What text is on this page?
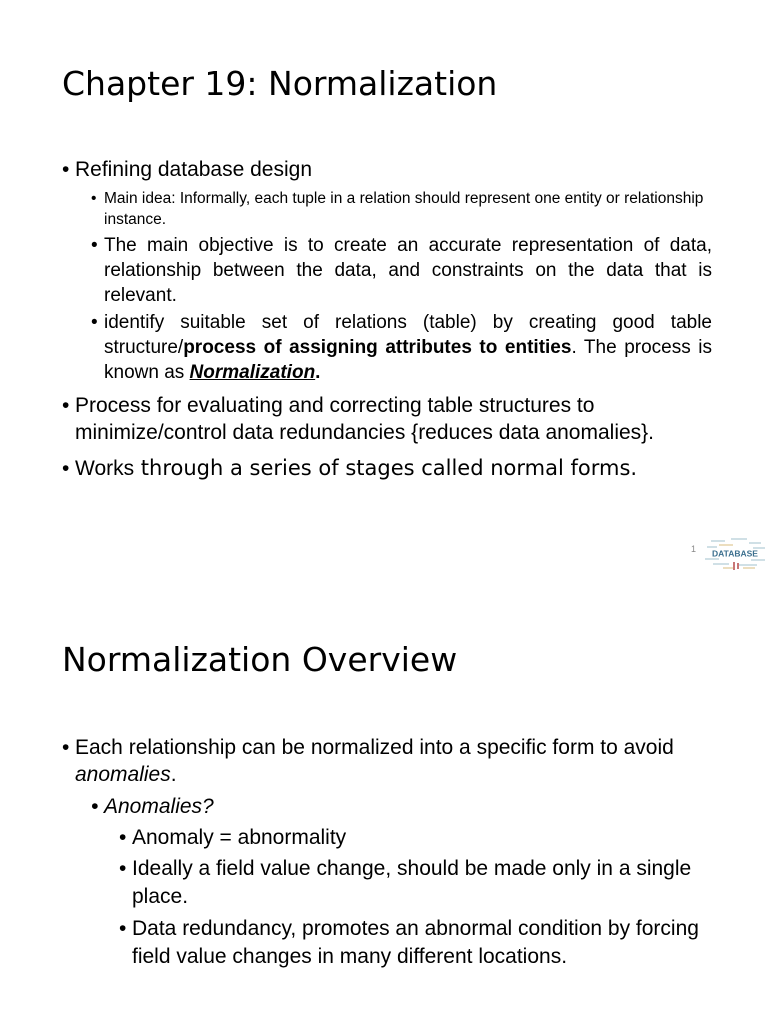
Chapter 19: Normalization
• Refining database design
• Main idea: Informally, each tuple in a relation should represent one entity or relationship instance.
• The main objective is to create an accurate representation of data, relationship between the data, and constraints on the data that is relevant.
• identify suitable set of relations (table) by creating good table structure/process of assigning attributes to entities. The process is known as Normalization.
• Process for evaluating and correcting table structures to minimize/control data redundancies {reduces data anomalies}.
• Works through a series of stages called normal forms.
1 DATABASE
Normalization Overview
• Each relationship can be normalized into a specific form to avoid anomalies.
• Anomalies?
• Anomaly = abnormality
• Ideally a field value change, should be made only in a single place.
• Data redundancy, promotes an abnormal condition by forcing field value changes in many different locations.
